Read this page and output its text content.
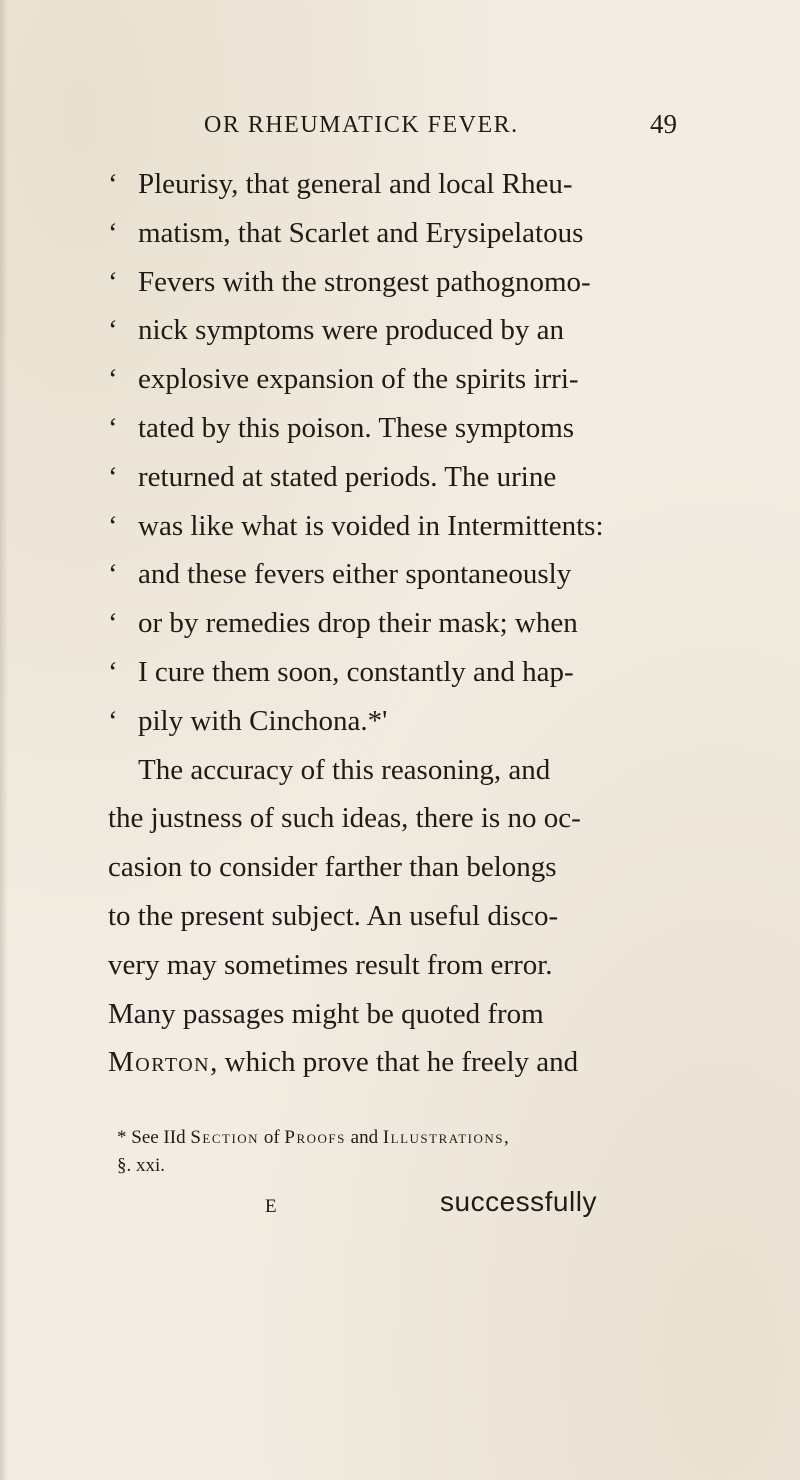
OR RHEUMATICK FEVER.	49
‘ Pleurisy, that general and local Rheu-
‘ matism, that Scarlet and Erysipelatous
‘ Fevers with the strongest pathognomo-
‘ nick symptoms were produced by an
‘ explosive expansion of the spirits irri-
‘ tated by this poison. These symptoms
‘ returned at stated periods. The urine
‘ was like what is voided in Intermittents:
‘ and these fevers either spontaneously
‘ or by remedies drop their mask; when
‘ I cure them soon, constantly and hap-
‘ pily with Cinchona.*'
The accuracy of this reasoning, and
the justness of such ideas, there is no oc-
casion to consider farther than belongs
to the present subject. An useful disco-
very may sometimes result from error.
Many passages might be quoted from
Morton, which prove that he freely and
* See IId Section of Proofs and Illustrations,
§. xxi.
E	successfully
